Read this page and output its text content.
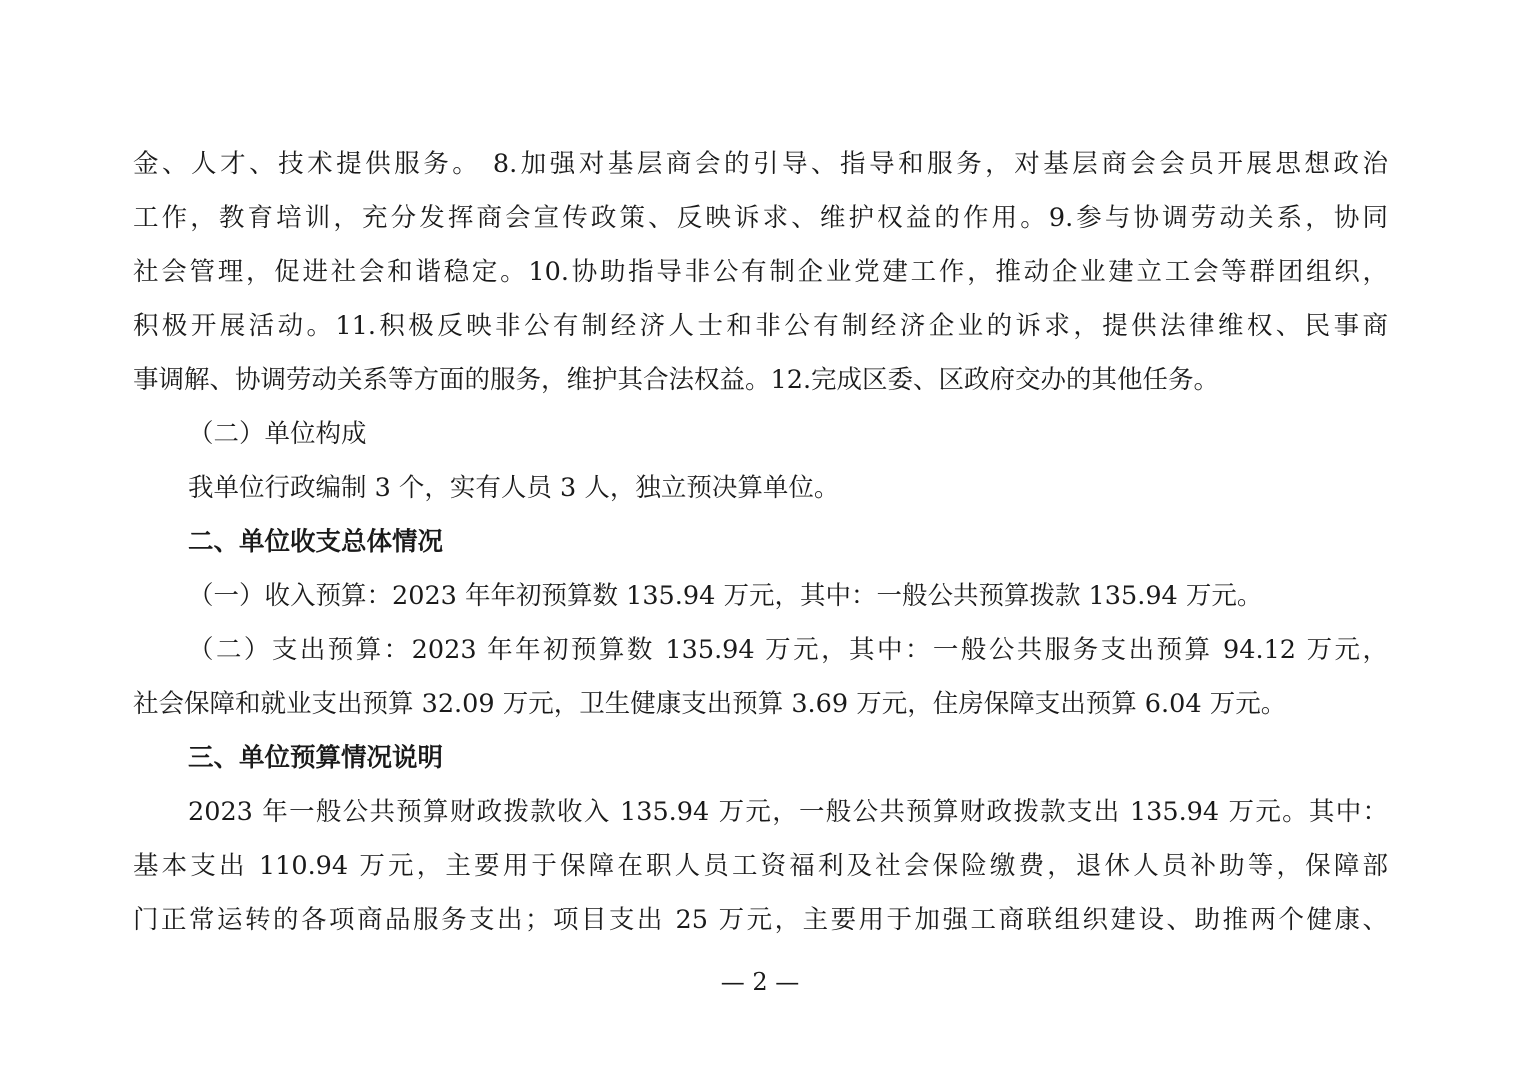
金、人才、技术提供服务。 8.加强对基层商会的引导、指导和服务，对基层商会会员开展思想政治
工作，教育培训，充分发挥商会宣传政策、反映诉求、维护权益的作用。9.参与协调劳动关系，协同
社会管理，促进社会和谐稳定。10.协助指导非公有制企业党建工作，推动企业建立工会等群团组织，
积极开展活动。11.积极反映非公有制经济人士和非公有制经济企业的诉求，提供法律维权、民事商
事调解、协调劳动关系等方面的服务，维护其合法权益。12.完成区委、区政府交办的其他任务。
（二）单位构成
我单位行政编制 3 个，实有人员 3 人，独立预决算单位。
二、单位收支总体情况
（一）收入预算：2023 年年初预算数 135.94 万元，其中：一般公共预算拨款 135.94 万元。
（二）支出预算：2023 年年初预算数 135.94 万元，其中：一般公共服务支出预算 94.12 万元，
社会保障和就业支出预算 32.09 万元，卫生健康支出预算 3.69 万元，住房保障支出预算 6.04 万元。
三、单位预算情况说明
2023 年一般公共预算财政拨款收入 135.94 万元，一般公共预算财政拨款支出 135.94 万元。其中：
基本支出 110.94 万元，主要用于保障在职人员工资福利及社会保险缴费，退休人员补助等，保障部
门正常运转的各项商品服务支出；项目支出 25 万元，主要用于加强工商联组织建设、助推两个健康、
— 2 —
